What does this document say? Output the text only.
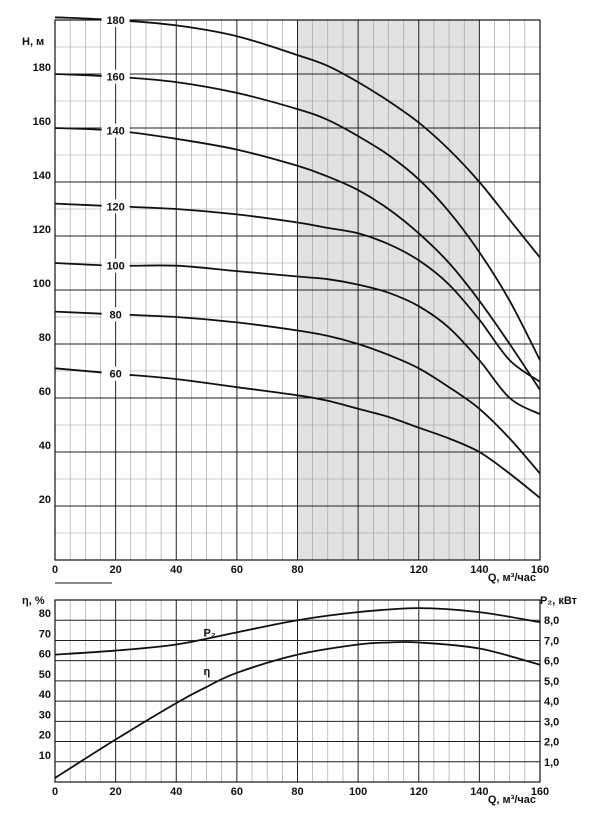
0	20	40	60	80	120	140	160
20
40
60
80
100
120
140
160
180
H, м
Q, м³/час
180
160
140
120
100
80
60
0	20	40	60	80	100	120	140	160
10
20
30
40
50
60
70
80
1,0
2,0
3,0
4,0
5,0
6,0
7,0
8,0
η, %	P₂, кВт
Q, м³/час
P₂
η
